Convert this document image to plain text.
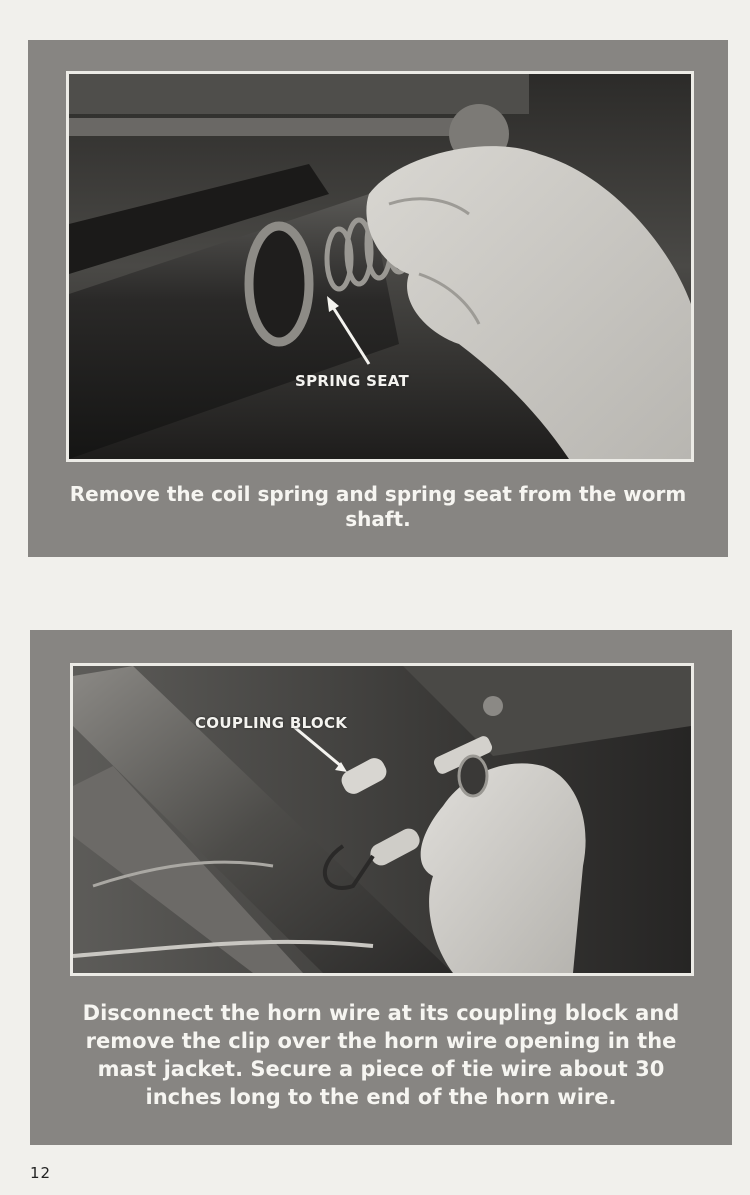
SPRING SEAT
Remove the coil spring and spring seat from the worm shaft.
COUPLING BLOCK
Disconnect the horn wire at its coupling block and remove the clip over the horn wire opening in the mast jacket. Secure a piece of tie wire about 30 inches long to the end of the horn wire.
12
